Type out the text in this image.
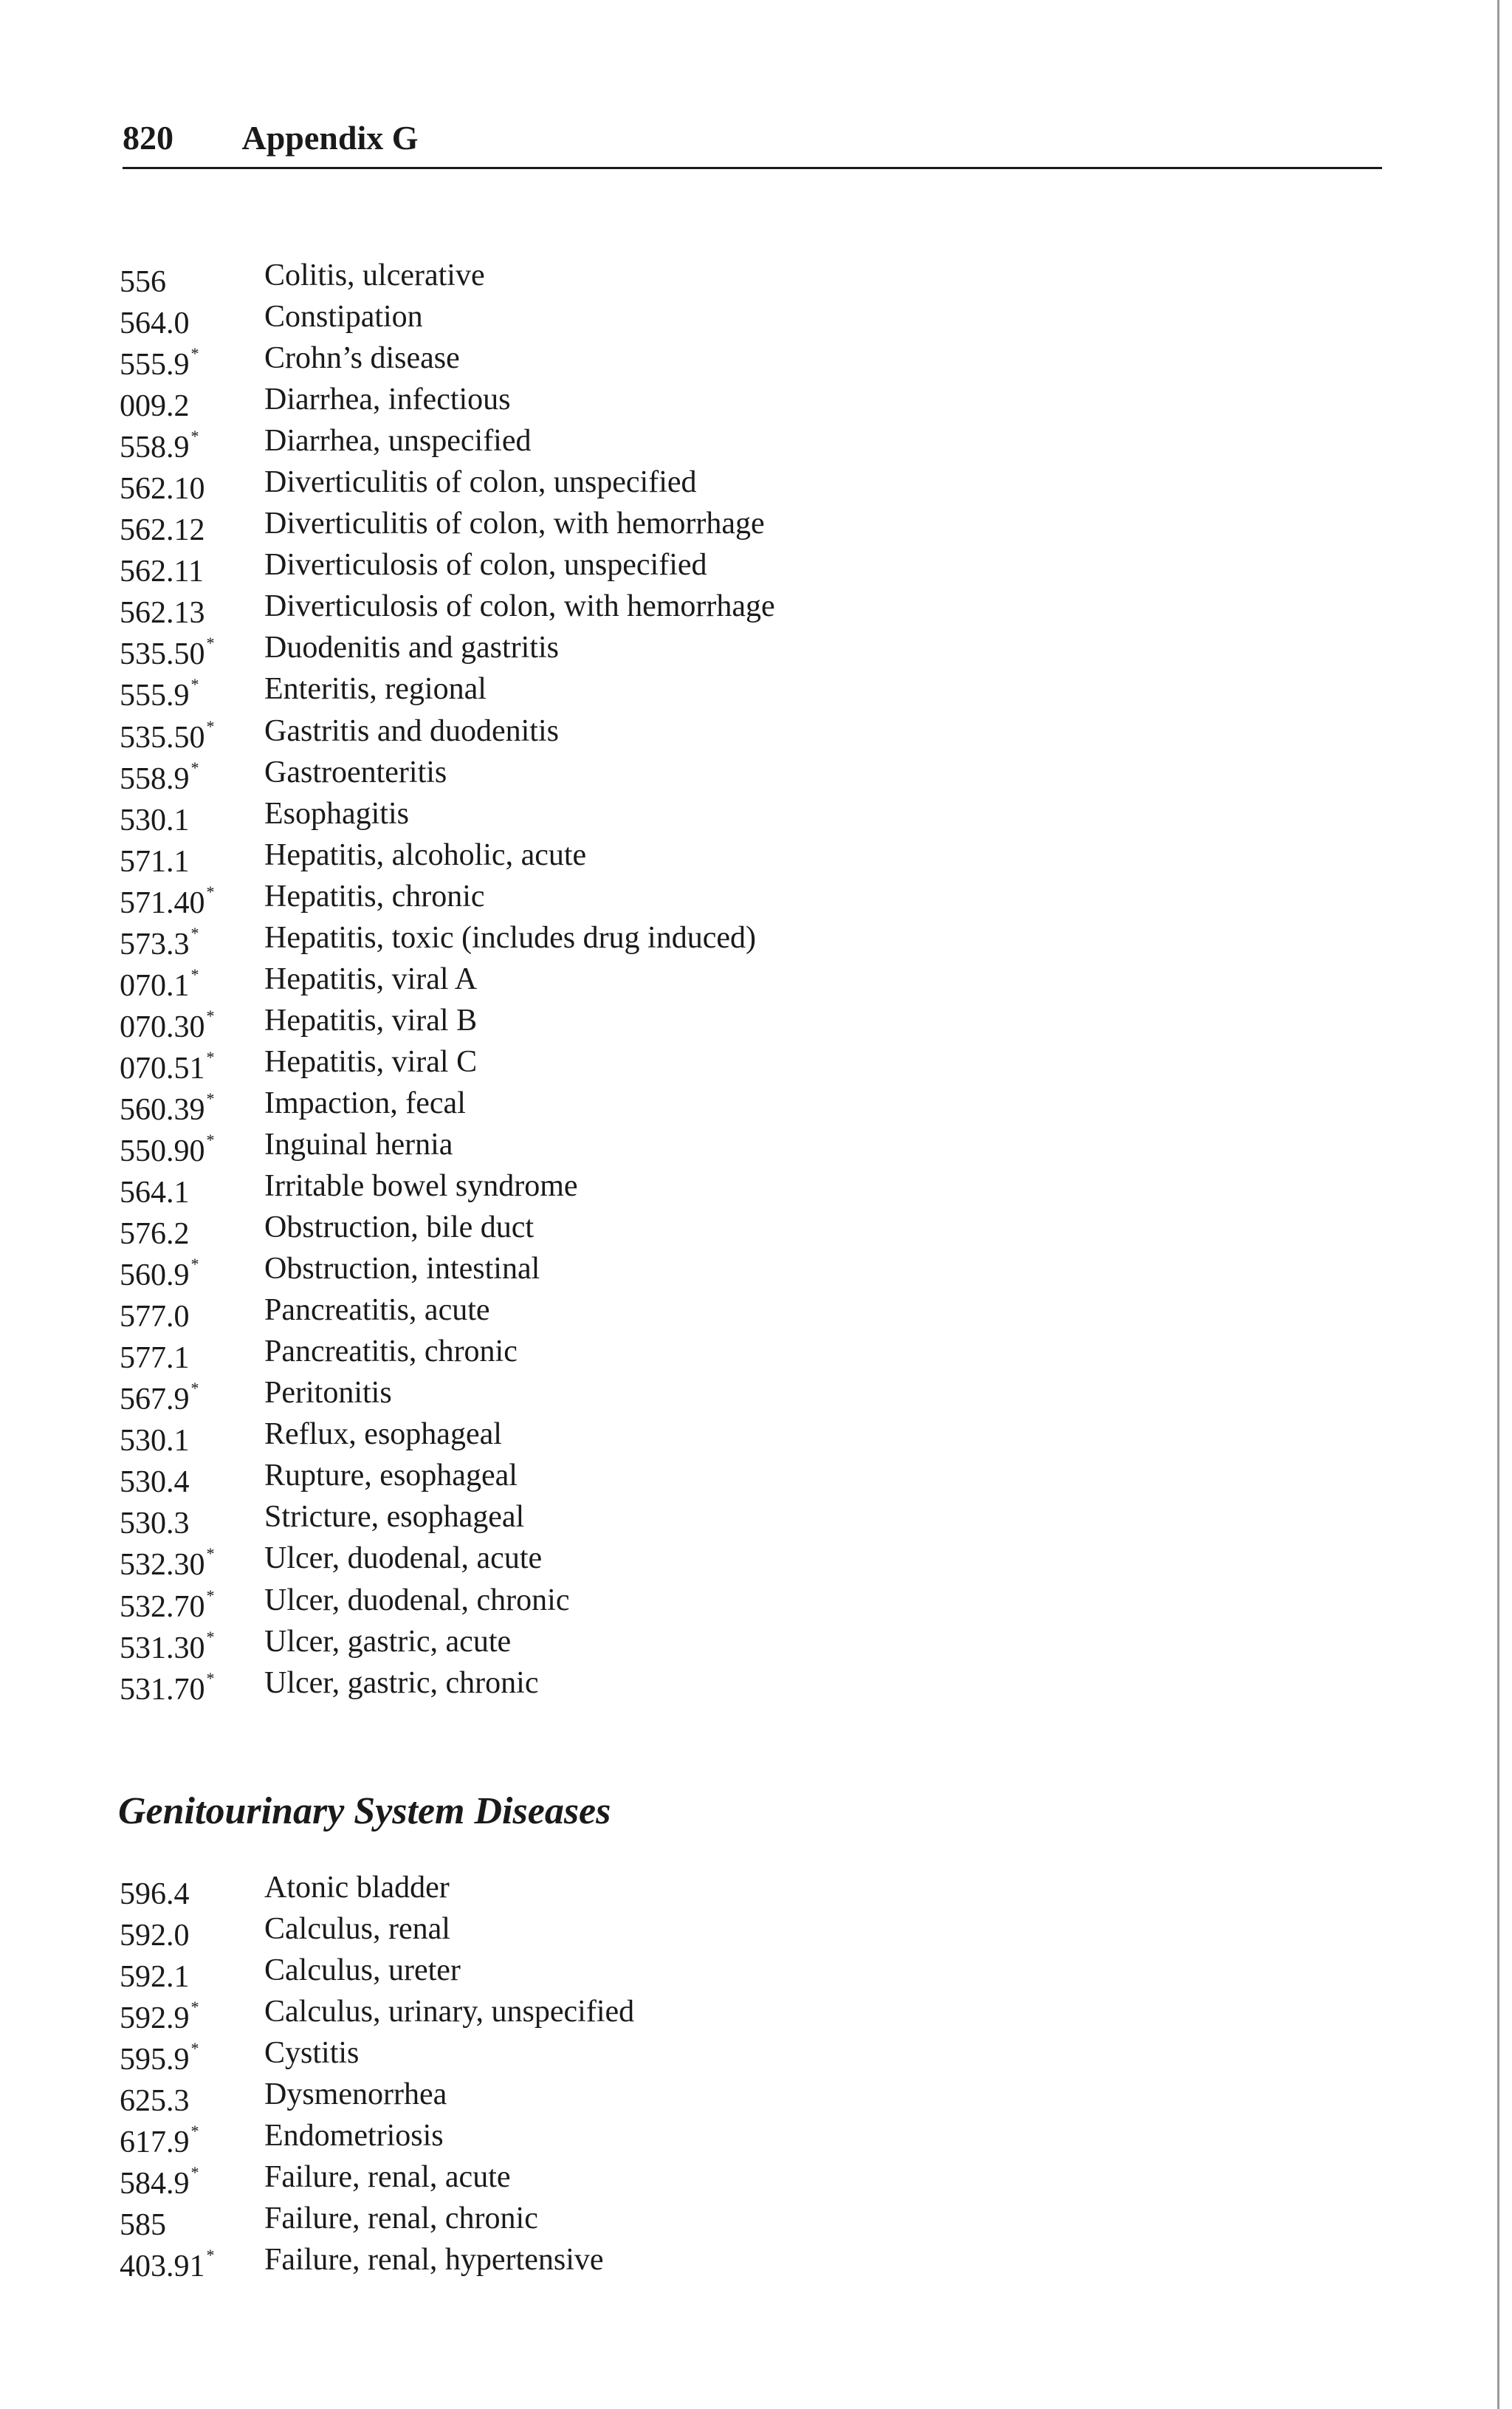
820 Appendix G
556	Colitis, ulcerative
564.0	Constipation
555.9*	Crohn’s disease
009.2	Diarrhea, infectious
558.9*	Diarrhea, unspecified
562.10	Diverticulitis of colon, unspecified
562.12	Diverticulitis of colon, with hemorrhage
562.11	Diverticulosis of colon, unspecified
562.13	Diverticulosis of colon, with hemorrhage
535.50*	Duodenitis and gastritis
555.9*	Enteritis, regional
535.50*	Gastritis and duodenitis
558.9*	Gastroenteritis
530.1	Esophagitis
571.1	Hepatitis, alcoholic, acute
571.40*	Hepatitis, chronic
573.3*	Hepatitis, toxic (includes drug induced)
070.1*	Hepatitis, viral A
070.30*	Hepatitis, viral B
070.51*	Hepatitis, viral C
560.39*	Impaction, fecal
550.90*	Inguinal hernia
564.1	Irritable bowel syndrome
576.2	Obstruction, bile duct
560.9*	Obstruction, intestinal
577.0	Pancreatitis, acute
577.1	Pancreatitis, chronic
567.9*	Peritonitis
530.1	Reflux, esophageal
530.4	Rupture, esophageal
530.3	Stricture, esophageal
532.30*	Ulcer, duodenal, acute
532.70*	Ulcer, duodenal, chronic
531.30*	Ulcer, gastric, acute
531.70*	Ulcer, gastric, chronic
Genitourinary System Diseases
596.4	Atonic bladder
592.0	Calculus, renal
592.1	Calculus, ureter
592.9*	Calculus, urinary, unspecified
595.9*	Cystitis
625.3	Dysmenorrhea
617.9*	Endometriosis
584.9*	Failure, renal, acute
585	Failure, renal, chronic
403.91*	Failure, renal, hypertensive
